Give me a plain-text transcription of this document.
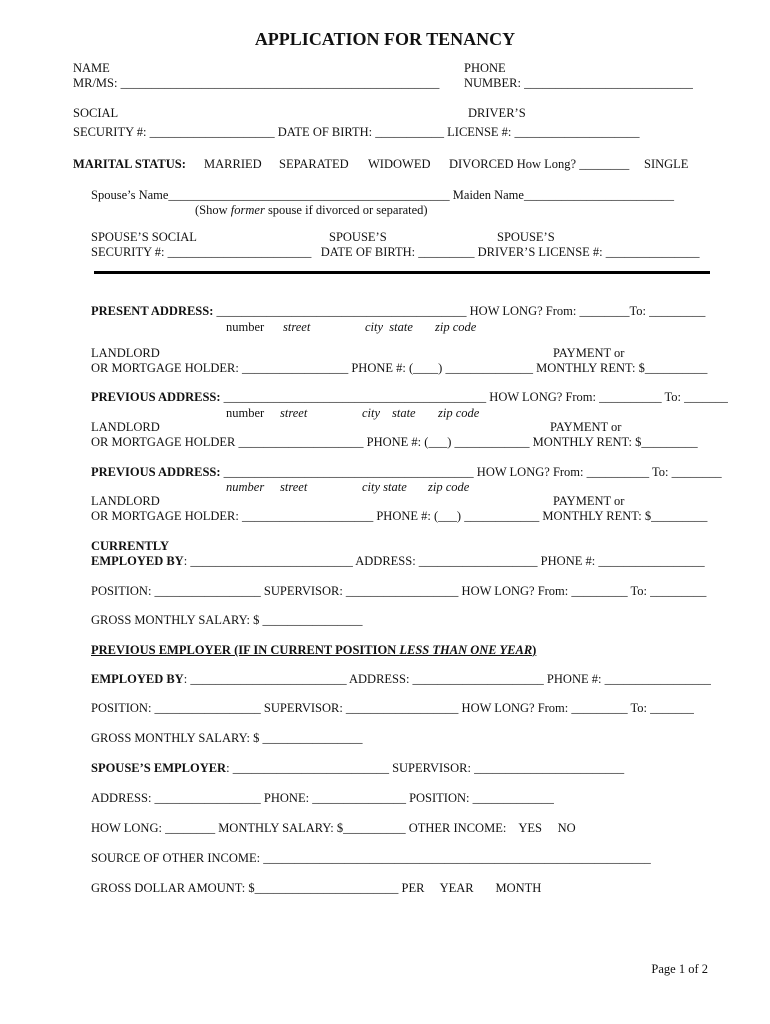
APPLICATION FOR TENANCY
NAME	PHONE
MR/MS: ___________________________________________________ NUMBER: ___________________________
SOCIAL	DRIVER’S
SECURITY #: ____________________ DATE OF BIRTH: ___________ LICENSE #: ____________________
MARITAL STATUS: MARRIED SEPARATED WIDOWED DIVORCED How Long? ________ SINGLE
Spouse’s Name_____________________________________________ Maiden Name________________________
(Show former spouse if divorced or separated)
SPOUSE’S SOCIAL	SPOUSE’S	SPOUSE’S
SECURITY #: _______________________   DATE OF BIRTH: _________ DRIVER’S LICENSE #: _______________
PRESENT ADDRESS: ________________________________________ HOW LONG? From: ________To: _________
number street	city  state zip code
LANDLORD	PAYMENT or
OR MORTGAGE HOLDER: _________________ PHONE #: (____) ______________ MONTHLY RENT: $__________
PREVIOUS ADDRESS: __________________________________________ HOW LONG? From: __________ To: _______
number street	city state zip code
LANDLORD	PAYMENT or
OR MORTGAGE HOLDER ____________________ PHONE #: (___) ____________ MONTHLY RENT: $_________
PREVIOUS ADDRESS: ________________________________________ HOW LONG? From: __________ To: ________
number street	city state zip code
LANDLORD	PAYMENT or
OR MORTGAGE HOLDER: _____________________ PHONE #: (___) ____________ MONTHLY RENT: $_________
CURRENTLY
EMPLOYED BY: __________________________ ADDRESS: ___________________ PHONE #: _________________
POSITION: _________________ SUPERVISOR: __________________ HOW LONG? From: _________ To: _________
GROSS MONTHLY SALARY: $ ________________
PREVIOUS EMPLOYER (IF IN CURRENT POSITION LESS THAN ONE YEAR)
EMPLOYED BY: _________________________ ADDRESS: _____________________ PHONE #: _________________
POSITION: _________________ SUPERVISOR: __________________ HOW LONG? From: _________ To: _______
GROSS MONTHLY SALARY: $ ________________
SPOUSE’S EMPLOYER: _________________________ SUPERVISOR: ________________________
ADDRESS: _________________ PHONE: _______________ POSITION: _____________
HOW LONG: ________ MONTHLY SALARY: $__________ OTHER INCOME:    YES     NO
SOURCE OF OTHER INCOME: ______________________________________________________________
GROSS DOLLAR AMOUNT: $_______________________ PER     YEAR       MONTH
Page 1 of 2
